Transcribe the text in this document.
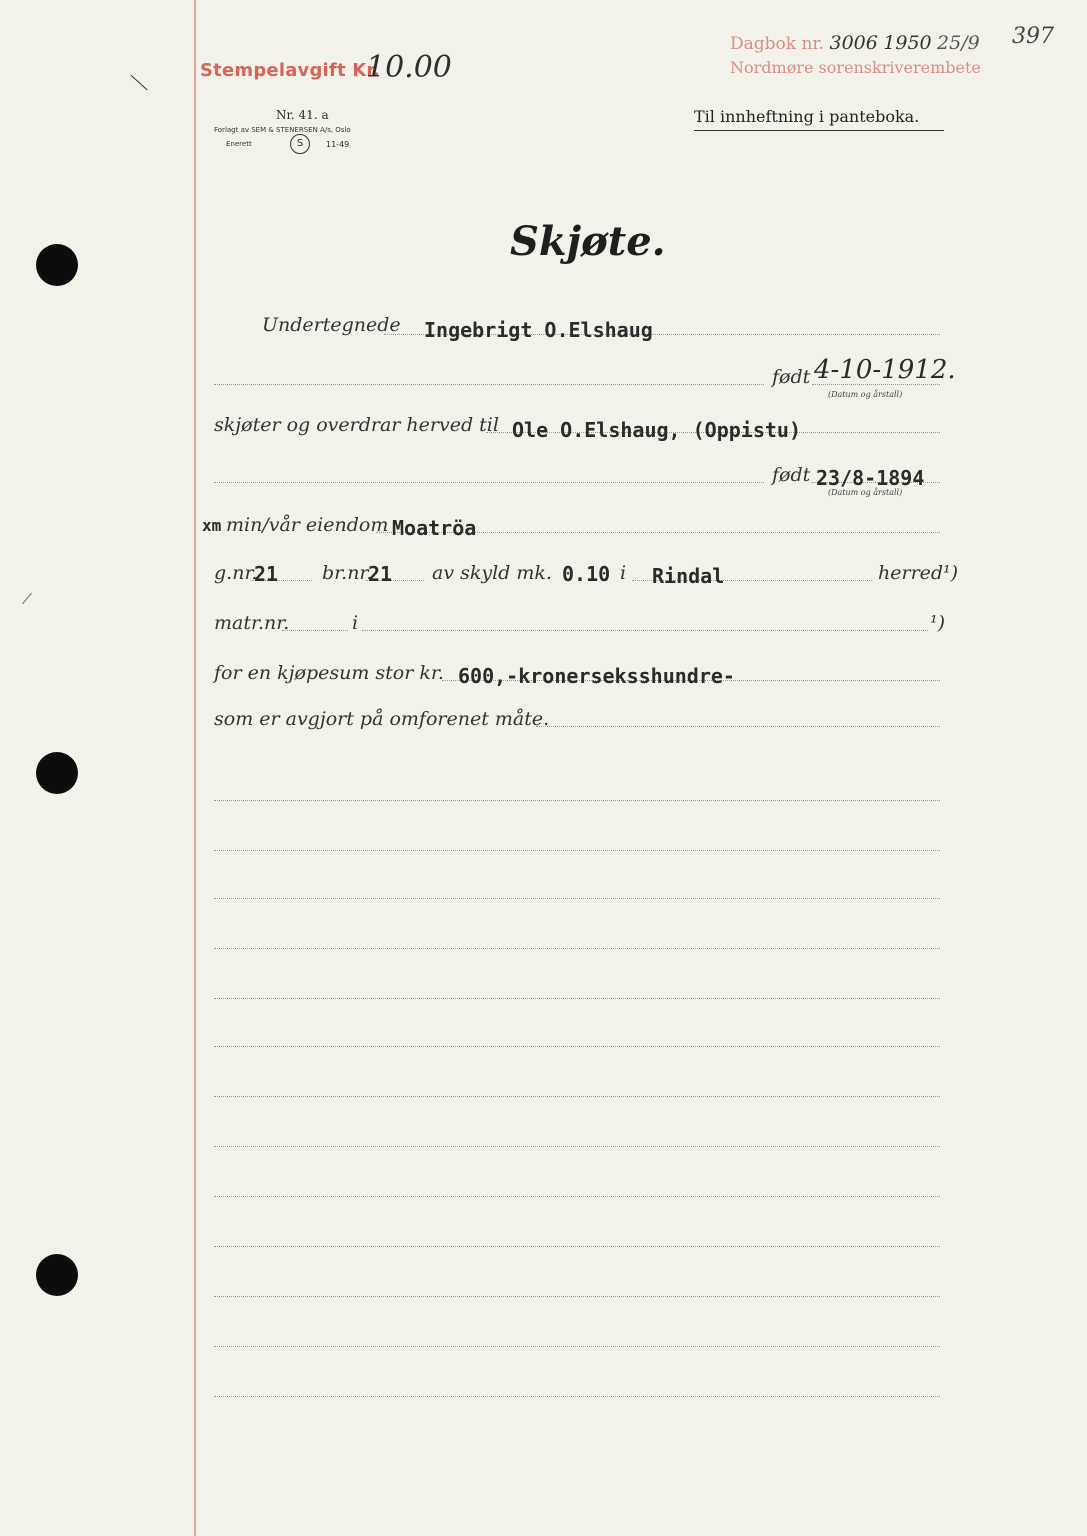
Stempelavgift Kr.
10.00
Dagbok nr. 3006 1950 25/9
Nordmøre sorenskriverembete
397
Nr. 41. a
Forlagt av SEM & STENERSEN A/s, Oslo
Enerett	S	11-49
Til innheftning i panteboka.
Skjøte.
Undertegnede Ingebrigt O.Elshaug
født 4-10-1912.
(Datum og årstall)
skjøter og overdrar herved til Ole O.Elshaug, (Oppistu)
født 23/8-1894
(Datum og årstall)
xm min/vår eiendom Moatröa
g.nr.
21 br.nr.
21 av skyld mk. 0.10 i Rindal	herred¹)
matr.nr.	i	¹)
for en kjøpesum stor kr. 600,-kronerseksshundre-
som er avgjort på omforenet måte.
